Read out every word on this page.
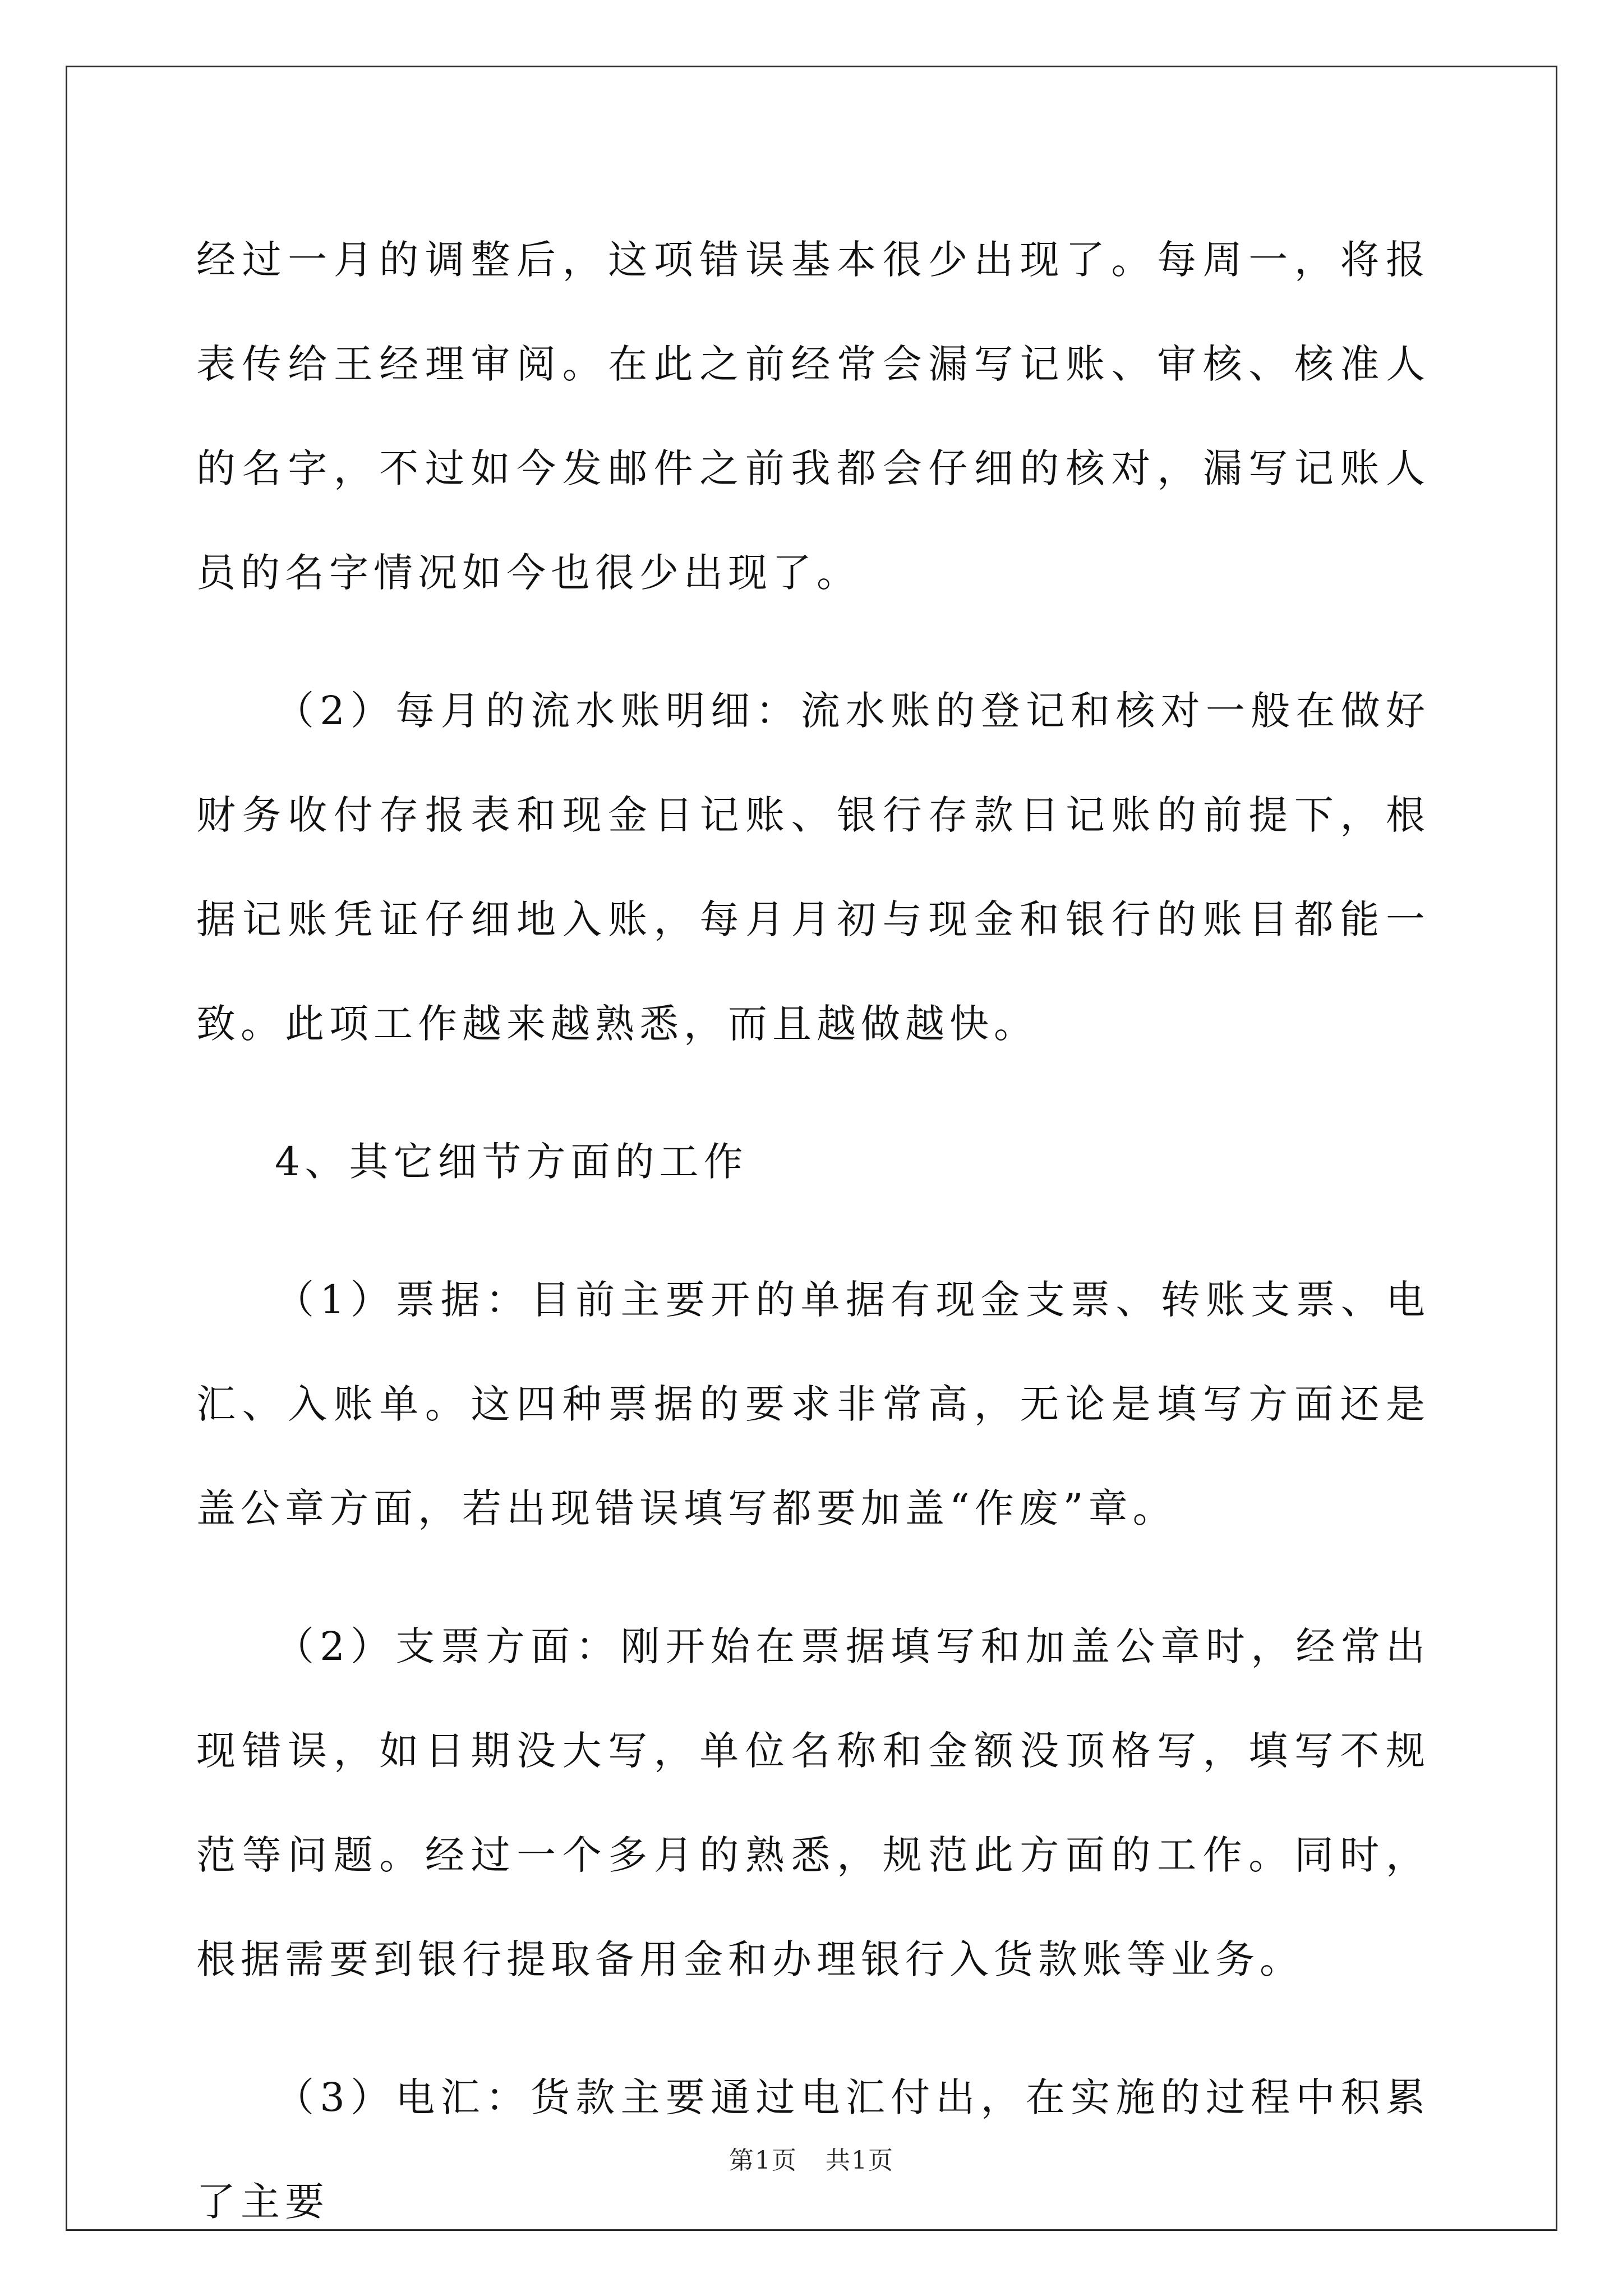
经过一月的调整后，这项错误基本很少出现了。每周一，将报表传给王经理审阅。在此之前经常会漏写记账、审核、核准人的名字，不过如今发邮件之前我都会仔细的核对，漏写记账人员的名字情况如今也很少出现了。

（2）每月的流水账明细：流水账的登记和核对一般在做好财务收付存报表和现金日记账、银行存款日记账的前提下，根据记账凭证仔细地入账，每月月初与现金和银行的账目都能一致。此项工作越来越熟悉，而且越做越快。

4、其它细节方面的工作

（1）票据：目前主要开的单据有现金支票、转账支票、电汇、入账单。这四种票据的要求非常高，无论是填写方面还是盖公章方面，若出现错误填写都要加盖“作废”章。

（2）支票方面：刚开始在票据填写和加盖公章时，经常出现错误，如日期没大写，单位名称和金额没顶格写，填写不规范等问题。经过一个多月的熟悉，规范此方面的工作。同时，根据需要到银行提取备用金和办理银行入货款账等业务。

（3）电汇：货款主要通过电汇付出，在实施的过程中积累了主要

第1页 共1页
